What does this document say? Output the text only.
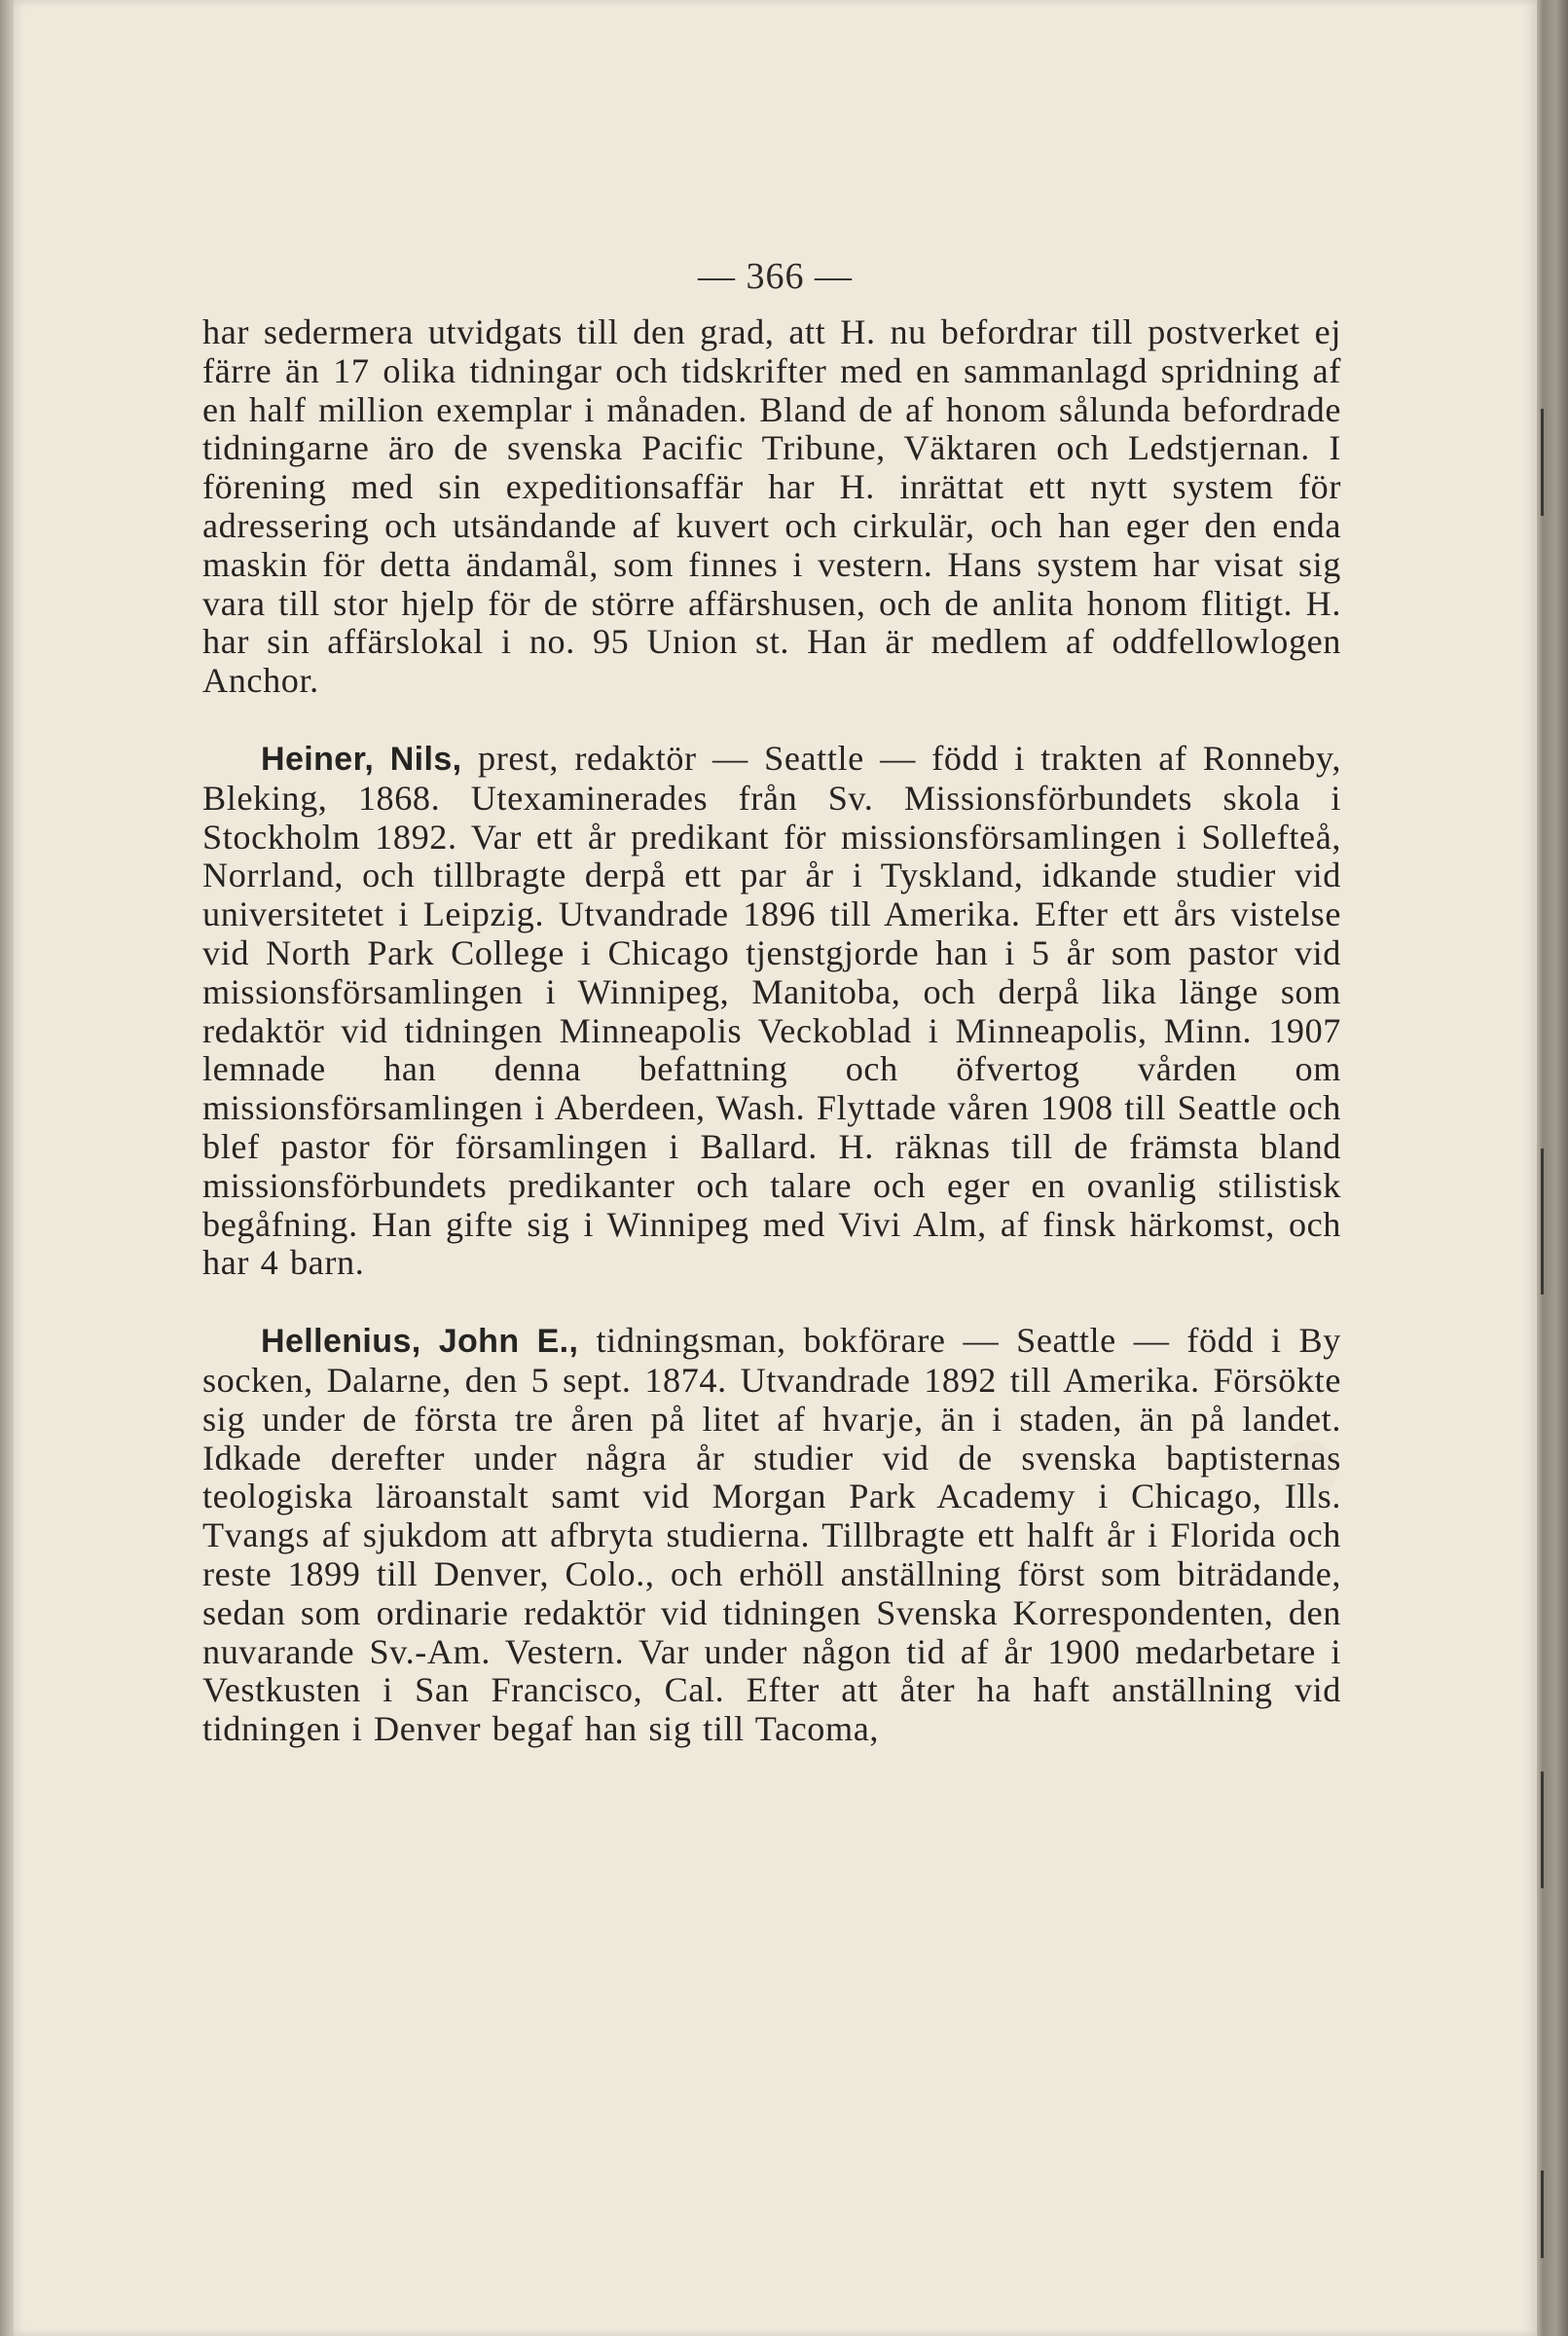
— 366 —

har sedermera utvidgats till den grad, att H. nu befordrar till postverket ej färre än 17 olika tidningar och tidskrifter med en sammanlagd spridning af en half million exemplar i månaden. Bland de af honom sålunda befordrade tidningarne äro de svenska Pacific Tribune, Väktaren och Ledstjernan. I förening med sin expeditionsaffär har H. inrättat ett nytt system för adressering och utsändande af kuvert och cirkulär, och han eger den enda maskin för detta ändamål, som finnes i vestern. Hans system har visat sig vara till stor hjelp för de större affärshusen, och de anlita honom flitigt. H. har sin affärslokal i no. 95 Union st. Han är medlem af oddfellowlogen Anchor.

Heiner, Nils, prest, redaktör — Seattle — född i trakten af Ronneby, Bleking, 1868. Utexaminerades från Sv. Missionsförbundets skola i Stockholm 1892. Var ett år predikant för missionsförsamlingen i Sollefteå, Norrland, och tillbragte derpå ett par år i Tyskland, idkande studier vid universitetet i Leipzig. Utvandrade 1896 till Amerika. Efter ett års vistelse vid North Park College i Chicago tjenstgjorde han i 5 år som pastor vid missionsförsamlingen i Winnipeg, Manitoba, och derpå lika länge som redaktör vid tidningen Minneapolis Veckoblad i Minneapolis, Minn. 1907 lemnade han denna befattning och öfvertog vården om missionsförsamlingen i Aberdeen, Wash. Flyttade våren 1908 till Seattle och blef pastor för församlingen i Ballard. H. räknas till de främsta bland missionsförbundets predikanter och talare och eger en ovanlig stilistisk begåfning. Han gifte sig i Winnipeg med Vivi Alm, af finsk härkomst, och har 4 barn.

Hellenius, John E., tidningsman, bokförare — Seattle — född i By socken, Dalarne, den 5 sept. 1874. Utvandrade 1892 till Amerika. Försökte sig under de första tre åren på litet af hvarje, än i staden, än på landet. Idkade derefter under några år studier vid de svenska baptisternas teologiska läroanstalt samt vid Morgan Park Academy i Chicago, Ills. Tvangs af sjukdom att afbryta studierna. Tillbragte ett halft år i Florida och reste 1899 till Denver, Colo., och erhöll anställning först som biträdande, sedan som ordinarie redaktör vid tidningen Svenska Korrespondenten, den nuvarande Sv.-Am. Vestern. Var under någon tid af år 1900 medarbetare i Vestkusten i San Francisco, Cal. Efter att åter ha haft anställning vid tidningen i Denver begaf han sig till Tacoma,
